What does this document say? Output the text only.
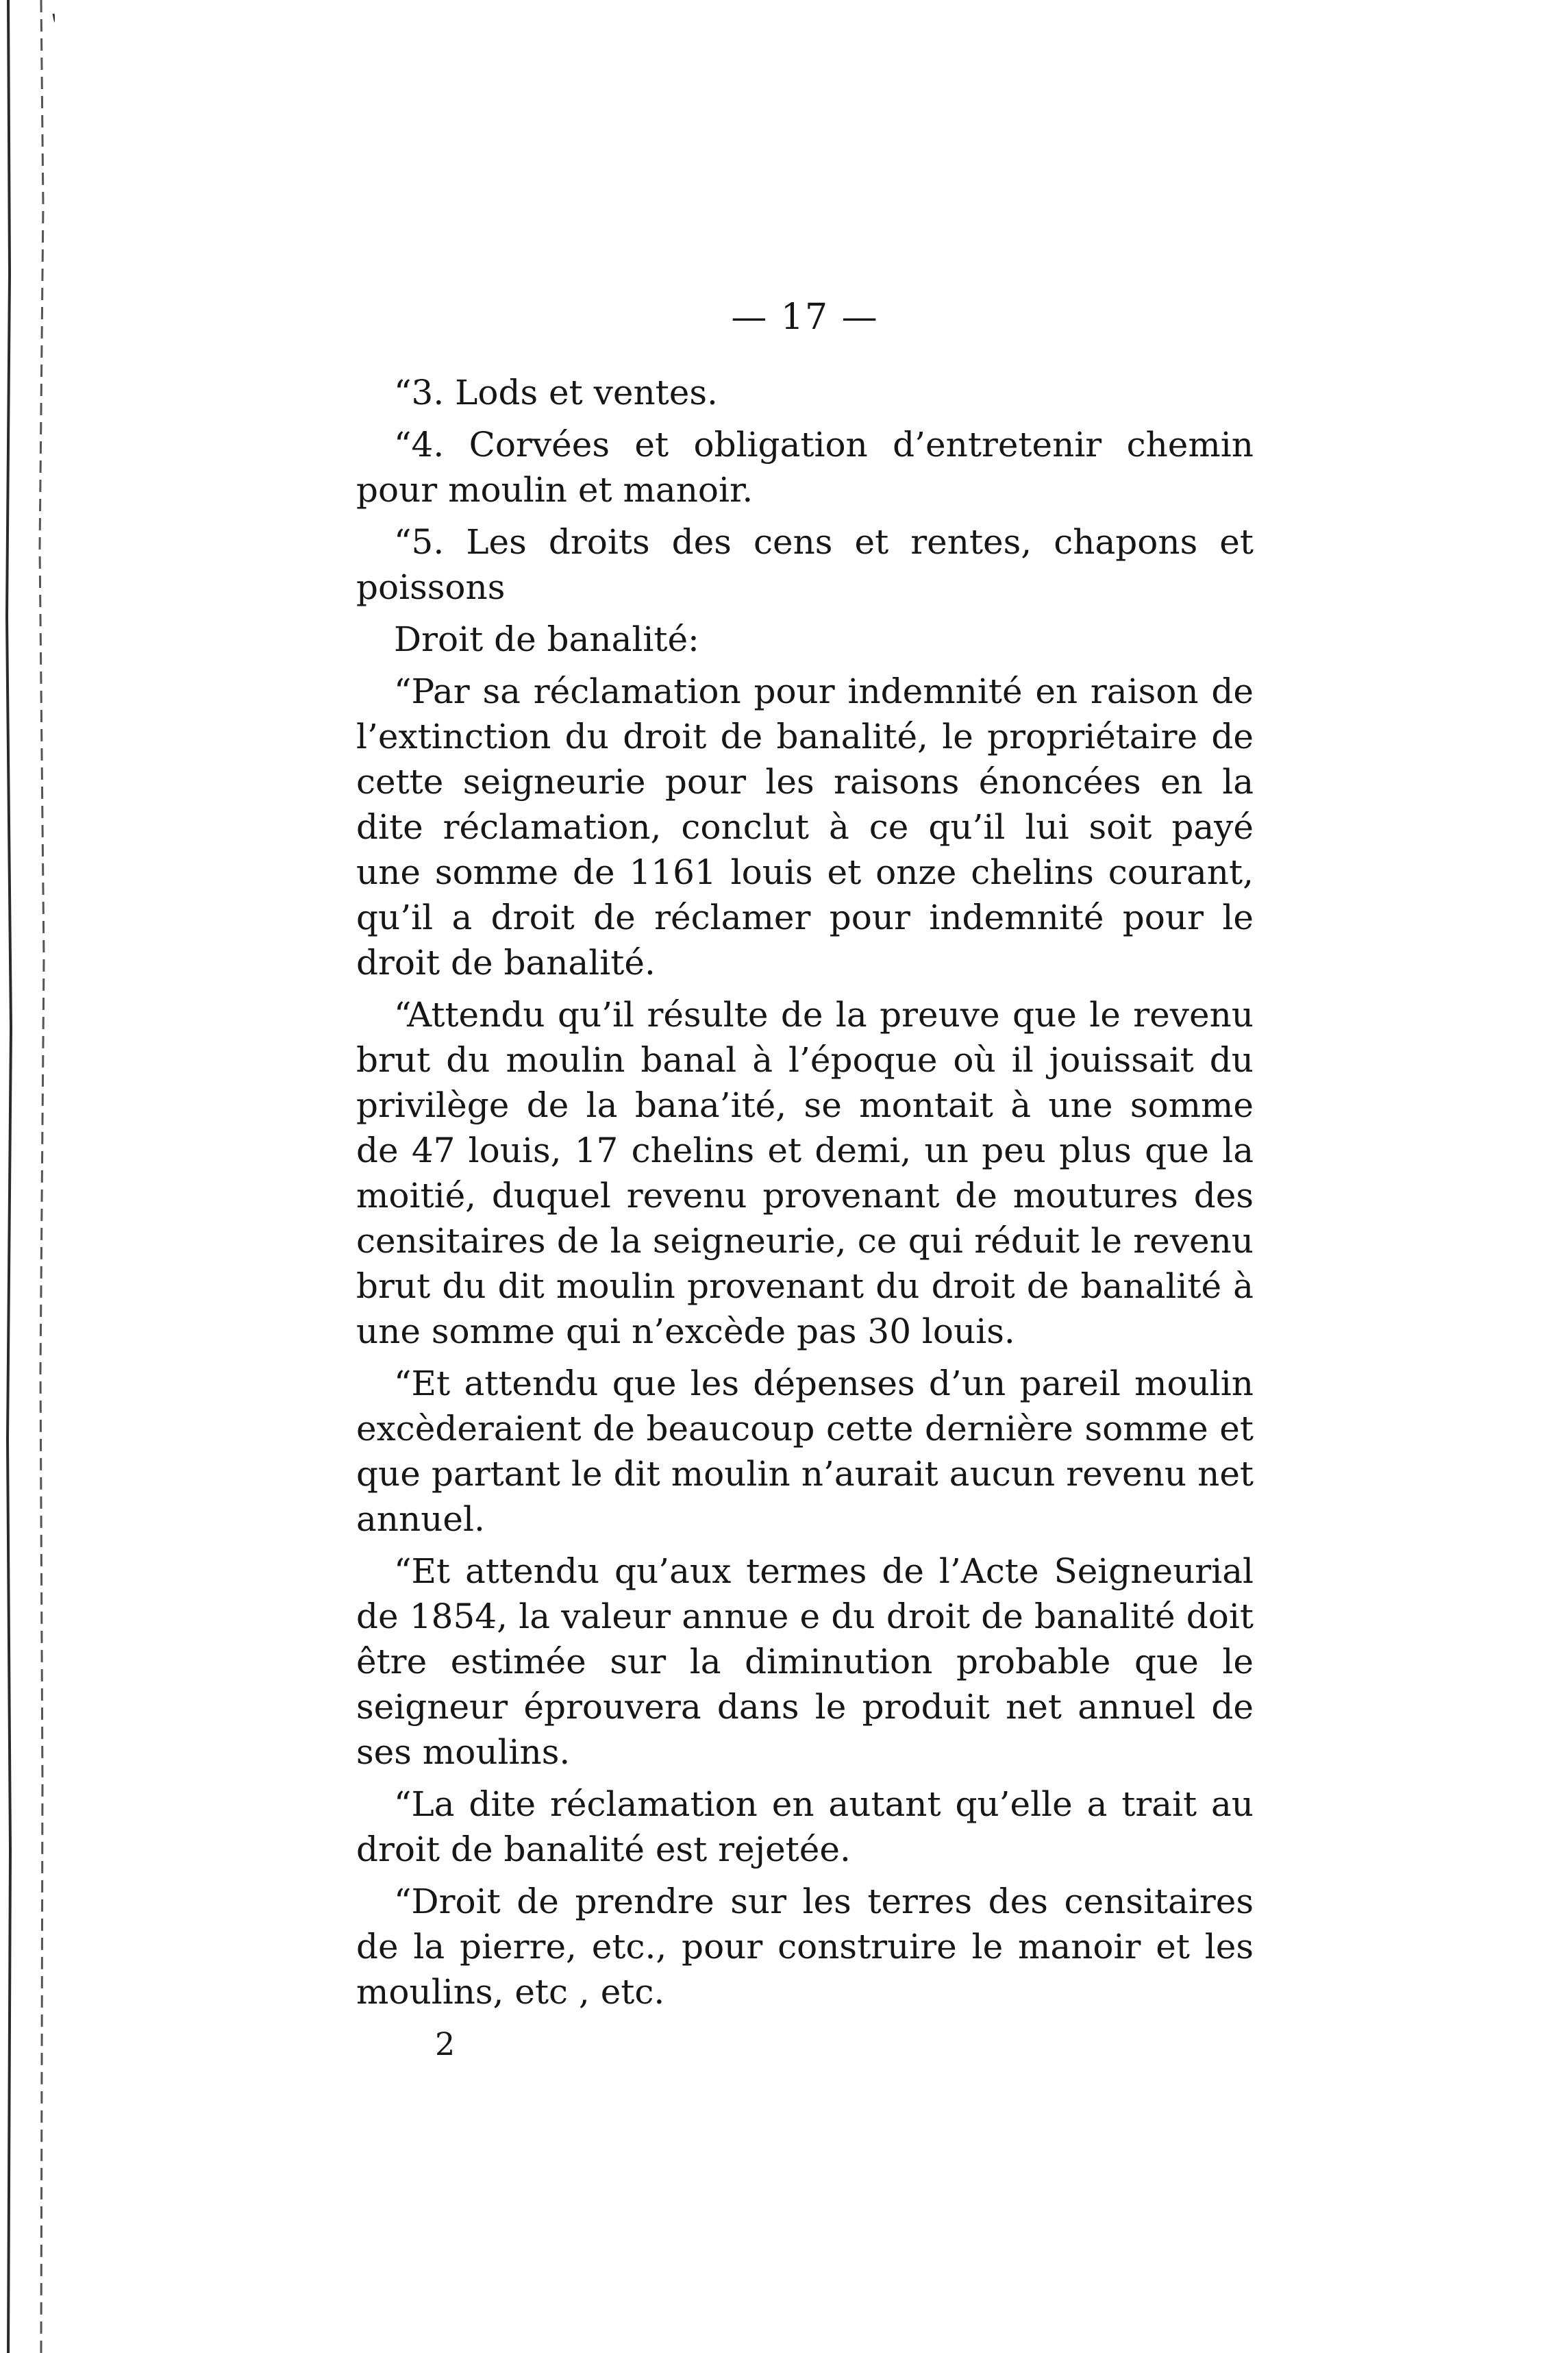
— 17 —

“3. Lods et ventes.

“4. Corvées et obligation d’entretenir chemin pour moulin et manoir.

“5. Les droits des cens et rentes, chapons et poissons

Droit de banalité:

“Par sa réclamation pour indemnité en raison de l’extinction du droit de banalité, le propriétaire de cette seigneurie pour les raisons énoncées en la dite réclamation, conclut à ce qu’il lui soit payé une somme de 1161 louis et onze chelins courant, qu’il a droit de réclamer pour indemnité pour le droit de banalité.

“Attendu qu’il résulte de la preuve que le revenu brut du moulin banal à l’époque où il jouissait du privilège de la bana’ité, se montait à une somme de 47 louis, 17 chelins et demi, un peu plus que la moitié, duquel revenu provenant de moutures des censitaires de la seigneurie, ce qui réduit le revenu brut du dit moulin provenant du droit de banalité à une somme qui n’excède pas 30 louis.

“Et attendu que les dépenses d’un pareil moulin excèderaient de beaucoup cette dernière somme et que partant le dit moulin n’aurait aucun revenu net annuel.

“Et attendu qu’aux termes de l’Acte Seigneurial de 1854, la valeur annue e du droit de banalité doit être estimée sur la diminution probable que le seigneur éprouvera dans le produit net annuel de ses moulins.

“La dite réclamation en autant qu’elle a trait au droit de banalité est rejetée.

“Droit de prendre sur les terres des censitaires de la pierre, etc., pour construire le manoir et les moulins, etc , etc.

2
